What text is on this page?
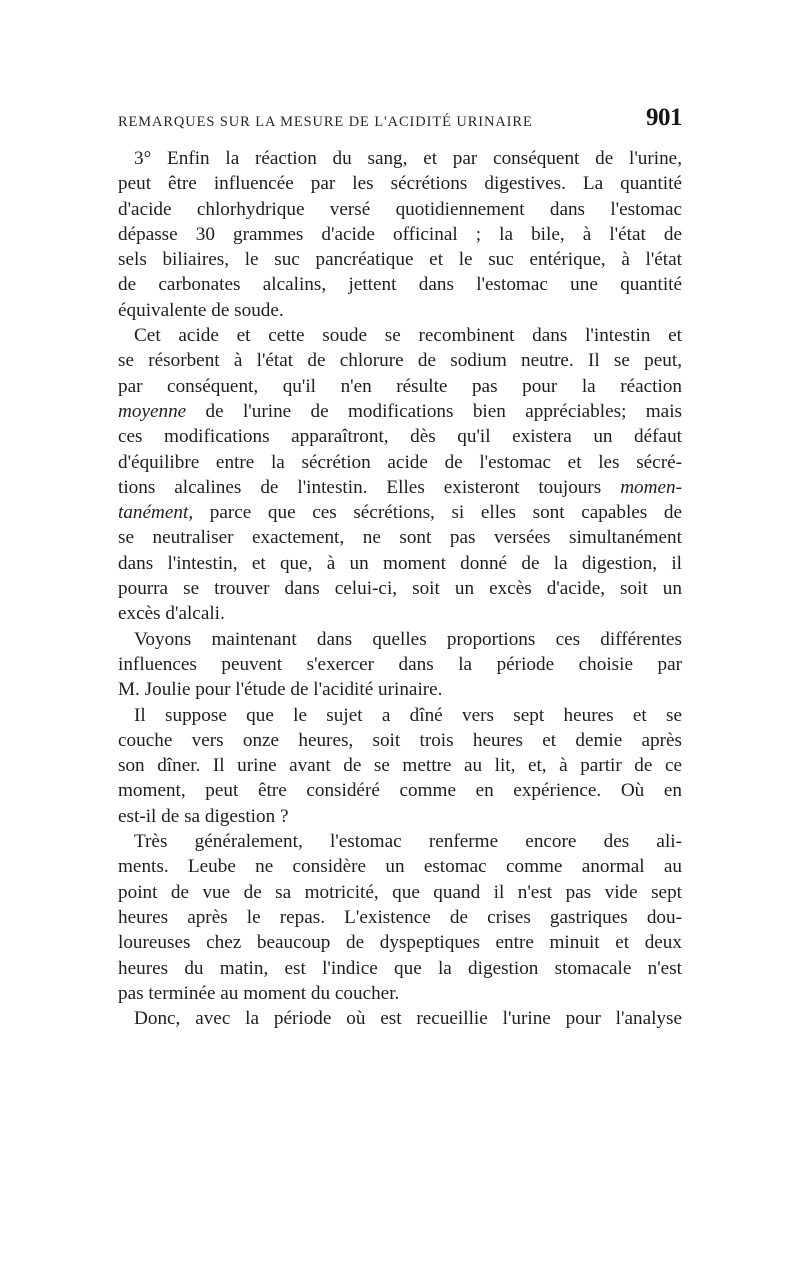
REMARQUES SUR LA MESURE DE L'ACIDITÉ URINAIRE	901
3° Enfin la réaction du sang, et par conséquent de l'urine,
peut être influencée par les sécrétions digestives. La quantité
d'acide chlorhydrique versé quotidiennement dans l'estomac
dépasse 30 grammes d'acide officinal ; la bile, à l'état de
sels biliaires, le suc pancréatique et le suc entérique, à l'état
de carbonates alcalins, jettent dans l'estomac une quantité
équivalente de soude.
Cet acide et cette soude se recombinent dans l'intestin et
se résorbent à l'état de chlorure de sodium neutre. Il se peut,
par conséquent, qu'il n'en résulte pas pour la réaction
moyenne de l'urine de modifications bien appréciables; mais
ces modifications apparaîtront, dès qu'il existera un défaut
d'équilibre entre la sécrétion acide de l'estomac et les sécré-
tions alcalines de l'intestin. Elles existeront toujours momen-
tanément, parce que ces sécrétions, si elles sont capables de
se neutraliser exactement, ne sont pas versées simultanément
dans l'intestin, et que, à un moment donné de la digestion, il
pourra se trouver dans celui-ci, soit un excès d'acide, soit un
excès d'alcali.
Voyons maintenant dans quelles proportions ces différentes
influences peuvent s'exercer dans la période choisie par
M. Joulie pour l'étude de l'acidité urinaire.
Il suppose que le sujet a dîné vers sept heures et se
couche vers onze heures, soit trois heures et demie après
son dîner. Il urine avant de se mettre au lit, et, à partir de ce
moment, peut être considéré comme en expérience. Où en
est-il de sa digestion ?
Très généralement, l'estomac renferme encore des ali-
ments. Leube ne considère un estomac comme anormal au
point de vue de sa motricité, que quand il n'est pas vide sept
heures après le repas. L'existence de crises gastriques dou-
loureuses chez beaucoup de dyspeptiques entre minuit et deux
heures du matin, est l'indice que la digestion stomacale n'est
pas terminée au moment du coucher.
Donc, avec la période où est recueillie l'urine pour l'analyse
